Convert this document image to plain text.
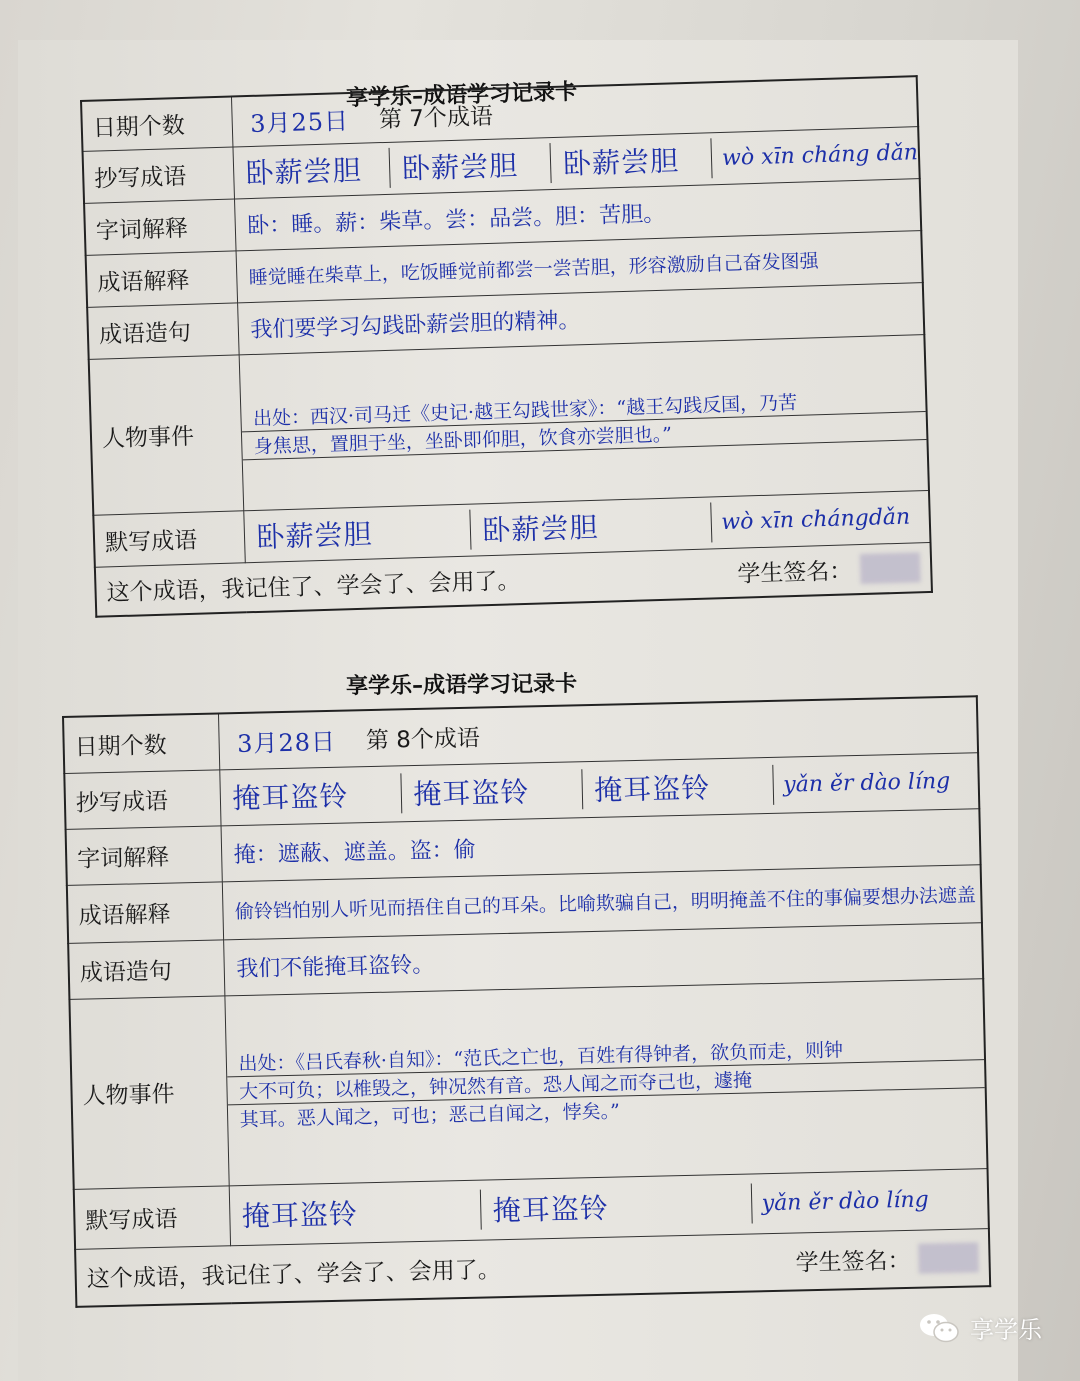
享学乐–成语学习记录卡
日期个数	3月25日 第 7个成语

抄写成语	卧薪尝胆 卧薪尝胆 卧薪尝胆 wò xīn cháng dǎn

字词解释	卧：睡。薪：柴草。尝：品尝。胆：苦胆。
成语解释	睡觉睡在柴草上，吃饭睡觉前都尝一尝苦胆，形容激励自己奋发图强
成语造句	我们要学习勾践卧薪尝胆的精神。
人物事件	出处：西汉·司马迁《史记·越王勾践世家》：“越王勾践反国，乃苦
身焦思，置胆于坐，坐卧即仰胆，饮食亦尝胆也。”

默写成语	卧薪尝胆 卧薪尝胆 wò xīn chángdǎn

这个成语，我记住了、学会了、会用了。 学生签名：	
享学乐–成语学习记录卡
日期个数	3月28日 第 8个成语

抄写成语	掩耳盗铃 掩耳盗铃 掩耳盗铃 yǎn ěr dào líng

字词解释	掩：遮蔽、遮盖。盗：偷
成语解释	偷铃铛怕别人听见而捂住自己的耳朵。比喻欺骗自己，明明掩盖不住的事偏要想办法遮盖
成语造句	我们不能掩耳盗铃。
人物事件	出处：《吕氏春秋·自知》：“范氏之亡也，百姓有得钟者，欲负而走，则钟
大不可负；以椎毁之，钟况然有音。恐人闻之而夺己也，遽掩
其耳。恶人闻之，可也；恶己自闻之，悖矣。”

默写成语	掩耳盗铃 掩耳盗铃 yǎn ěr dào líng

这个成语，我记住了、学会了、会用了。 学生签名：	
享学乐
